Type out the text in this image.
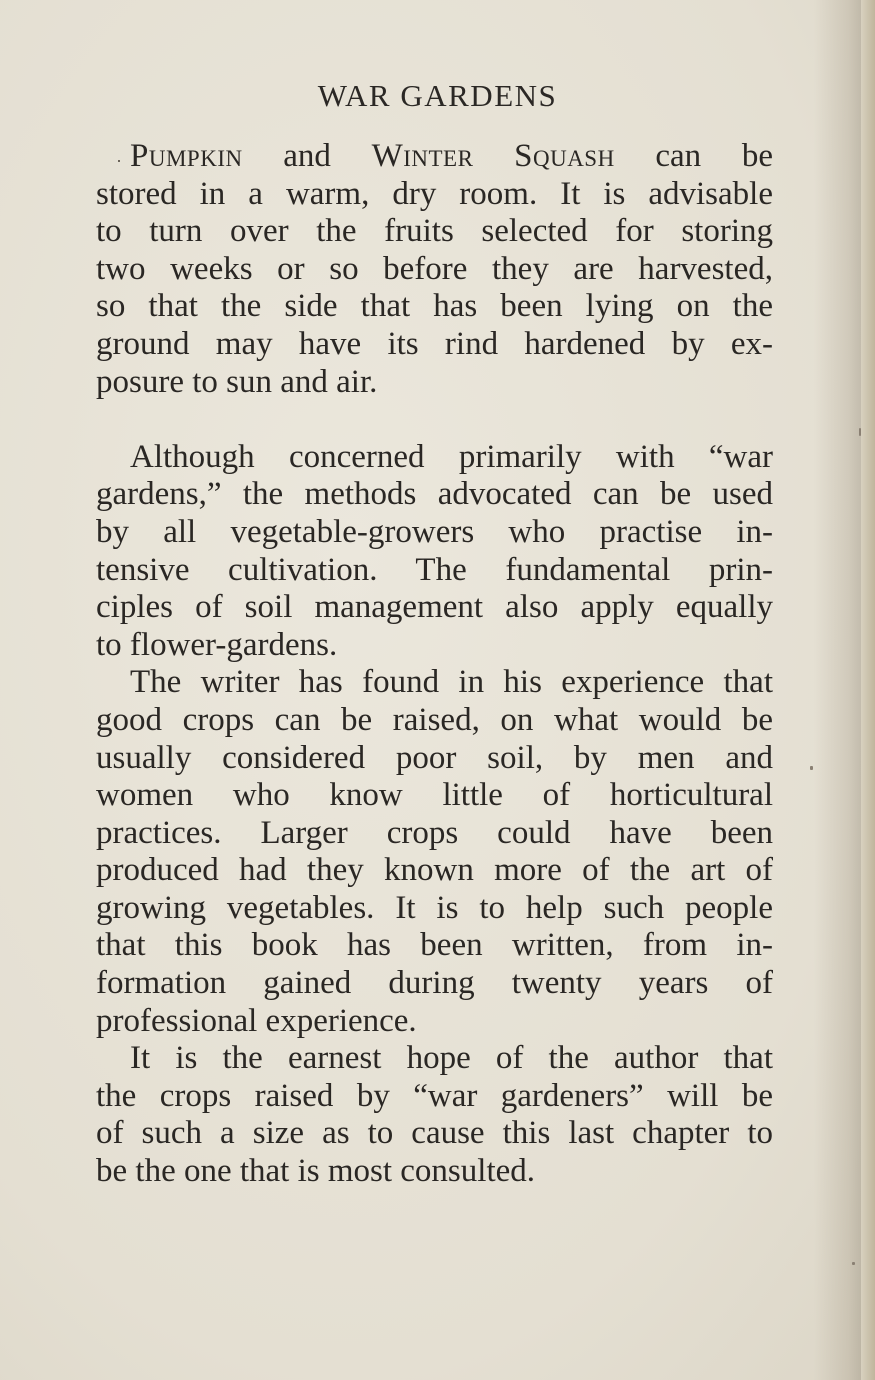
WAR GARDENS
Pumpkin and Winter Squash can be
stored in a warm, dry room. It is advisable
to turn over the fruits selected for storing
two weeks or so before they are harvested,
so that the side that has been lying on the
ground may have its rind hardened by ex-
posure to sun and air.
Although concerned primarily with “war
gardens,” the methods advocated can be used
by all vegetable-growers who practise in-
tensive cultivation. The fundamental prin-
ciples of soil management also apply equally
to flower-gardens.
The writer has found in his experience that
good crops can be raised, on what would be
usually considered poor soil, by men and
women who know little of horticultural
practices. Larger crops could have been
produced had they known more of the art of
growing vegetables. It is to help such people
that this book has been written, from in-
formation gained during twenty years of
professional experience.
It is the earnest hope of the author that
the crops raised by “war gardeners” will be
of such a size as to cause this last chapter to
be the one that is most consulted.
